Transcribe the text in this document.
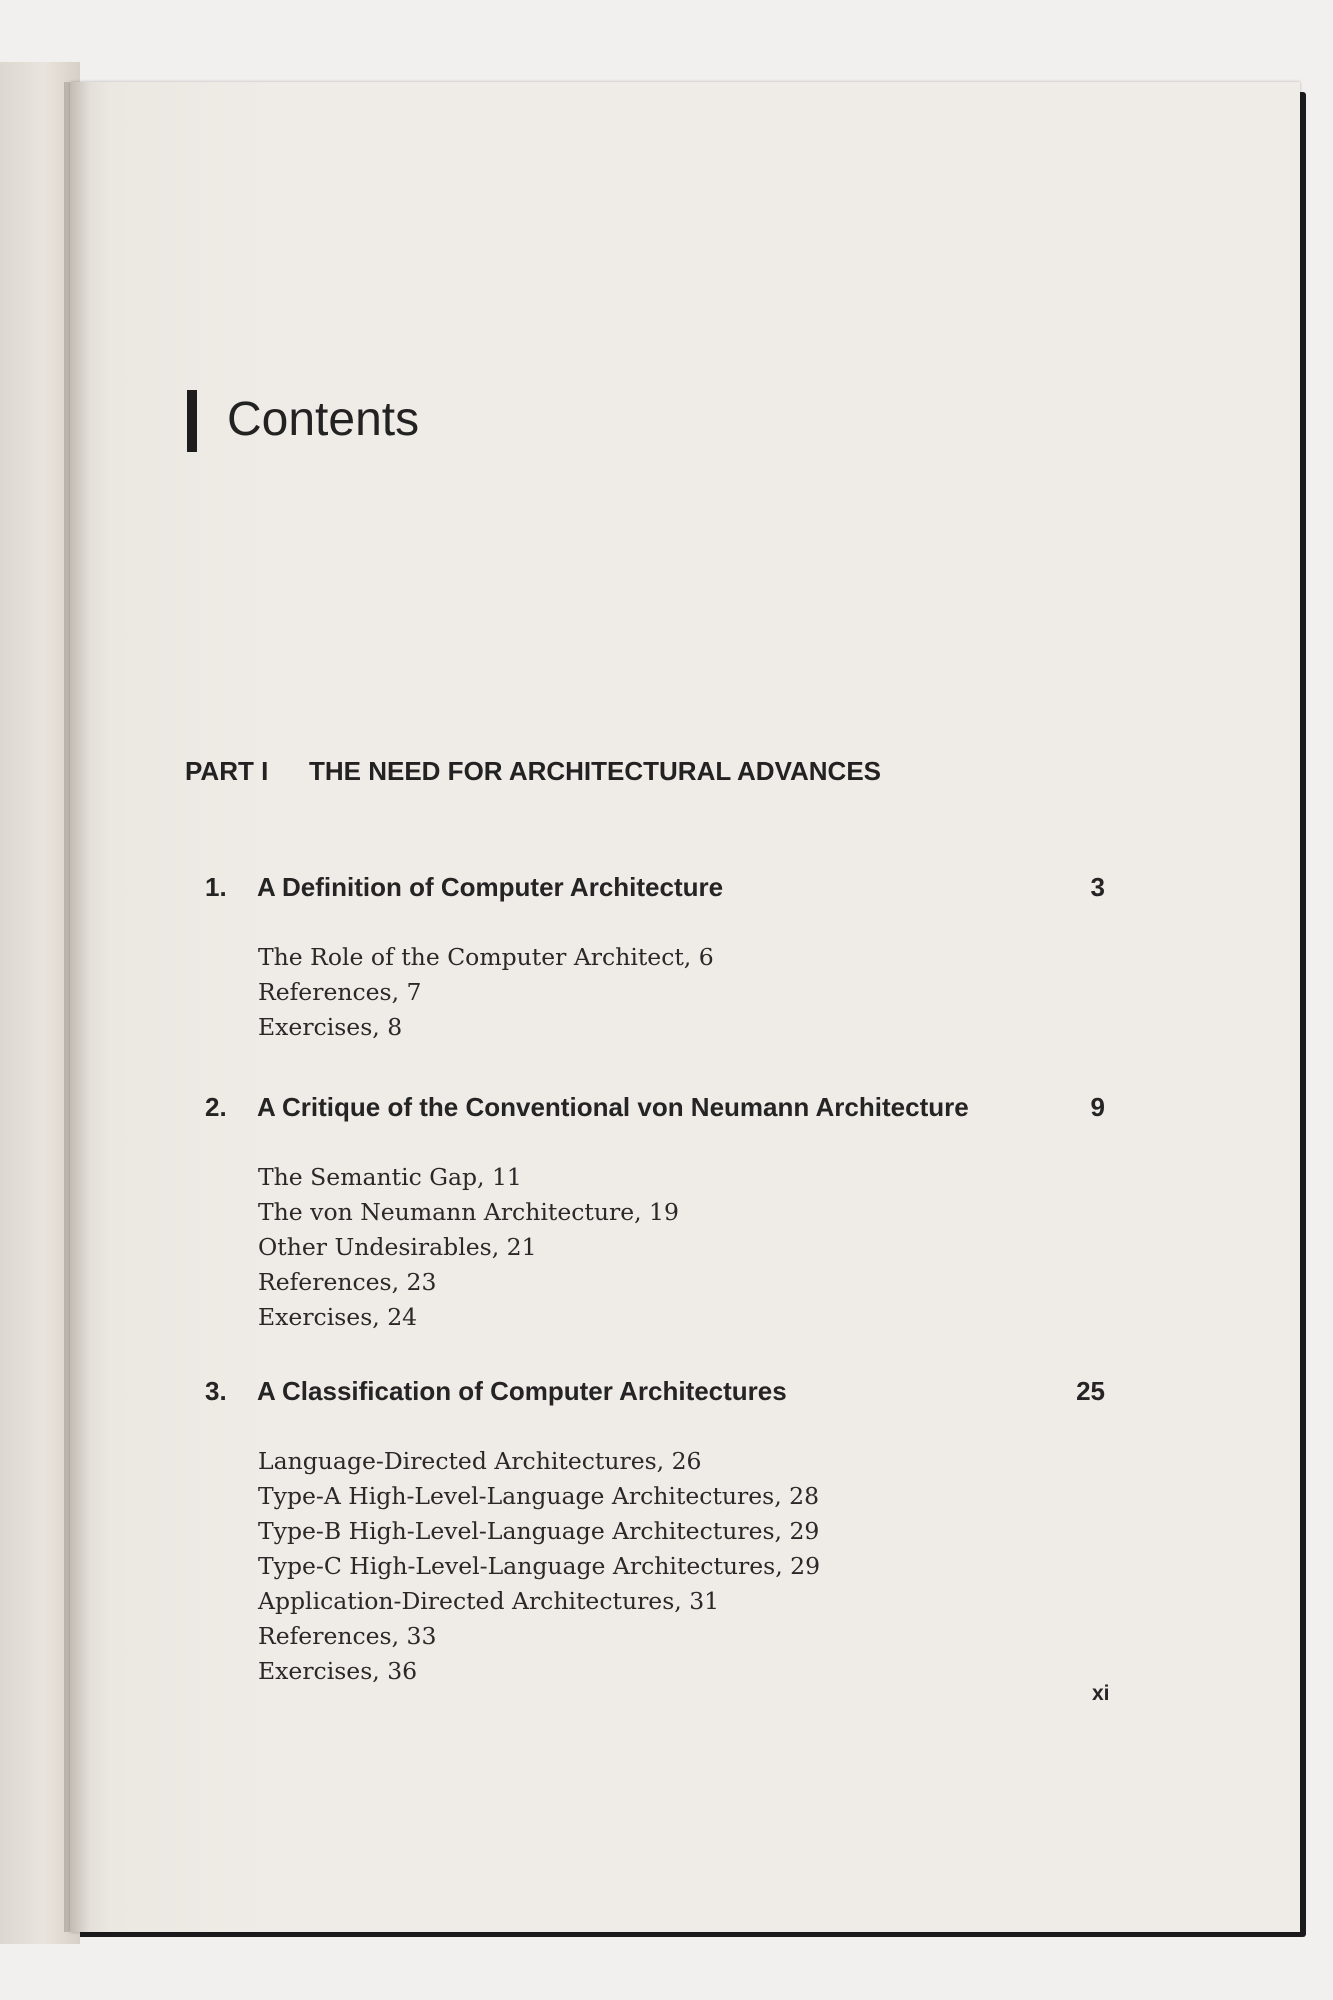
Contents
PART I THE NEED FOR ARCHITECTURAL ADVANCES
1. A Definition of Computer Architecture	3
The Role of the Computer Architect, 6
References, 7
Exercises, 8
2. A Critique of the Conventional von Neumann Architecture	9
The Semantic Gap, 11
The von Neumann Architecture, 19
Other Undesirables, 21
References, 23
Exercises, 24
3. A Classification of Computer Architectures	25
Language-Directed Architectures, 26
Type-A High-Level-Language Architectures, 28
Type-B High-Level-Language Architectures, 29
Type-C High-Level-Language Architectures, 29
Application-Directed Architectures, 31
References, 33
Exercises, 36
xi
